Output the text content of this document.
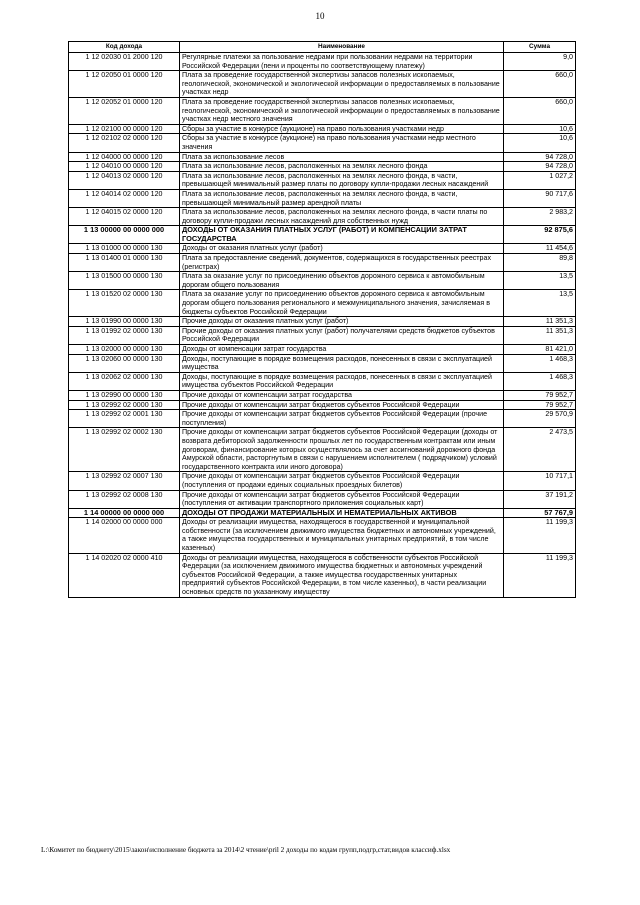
10
Код дохода	Наименование	Сумма
1 12 02030 01 2000 120	Регулярные платежи за пользование недрами при пользовании недрами на территории Российской Федерации (пени и проценты по соответствующему платежу)	9,0
1 12 02050 01 0000 120	Плата за проведение государственной экспертизы запасов полезных ископаемых, геологической, экономической и экологической информации о предоставляемых в пользование участках недр	660,0
1 12 02052 01 0000 120	Плата за проведение государственной экспертизы запасов полезных ископаемых, геологической, экономической и экологической информации о предоставляемых в пользование участках недр местного значения	660,0
1 12 02100 00 0000 120	Сборы за участие в конкурсе (аукционе) на право пользования участками недр	10,6
1 12 02102 02 0000 120	Сборы за участие в конкурсе (аукционе) на право пользования участками недр местного значения	10,6
1 12 04000 00 0000 120	Плата за использование лесов	94 728,0
1 12 04010 00 0000 120	Плата за использование лесов, расположенных на землях лесного фонда	94 728,0
1 12 04013 02 0000 120	Плата за использование лесов, расположенных на землях лесного фонда, в части, превышающей минимальный размер платы по договору купли-продажи лесных насаждений	1 027,2
1 12 04014 02 0000 120	Плата за использование лесов, расположенных на землях лесного фонда, в части, превышающей минимальный размер арендной платы	90 717,6
1 12 04015 02 0000 120	Плата за использование лесов, расположенных на землях лесного фонда, в части платы по договору купли-продажи лесных насаждений для собственных нужд	2 983,2
1 13 00000 00 0000 000	ДОХОДЫ ОТ ОКАЗАНИЯ ПЛАТНЫХ УСЛУГ (РАБОТ) И КОМПЕНСАЦИИ ЗАТРАТ ГОСУДАРСТВА	92 875,6
1 13 01000 00 0000 130	Доходы от оказания платных услуг (работ)	11 454,6
1 13 01400 01 0000 130	Плата за предоставление сведений, документов, содержащихся в государственных реестрах (регистрах)	89,8
1 13 01500 00 0000 130	Плата за оказание услуг по присоединению объектов дорожного сервиса к автомобильным дорогам общего пользования	13,5
1 13 01520 02 0000 130	Плата за оказание услуг по присоединению объектов дорожного сервиса к автомобильным дорогам общего пользования регионального и межмуниципального значения, зачисляемая в бюджеты субъектов Российской Федерации	13,5
1 13 01990 00 0000 130	Прочие доходы от оказания платных услуг (работ)	11 351,3
1 13 01992 02 0000 130	Прочие доходы от оказания платных услуг (работ) получателями средств бюджетов субъектов Российской Федерации	11 351,3
1 13 02000 00 0000 130	Доходы от компенсации затрат государства	81 421,0
1 13 02060 00 0000 130	Доходы, поступающие в порядке возмещения расходов, понесенных в связи с эксплуатацией имущества	1 468,3
1 13 02062 02 0000 130	Доходы, поступающие в порядке возмещения расходов, понесенных в связи с эксплуатацией имущества субъектов Российской Федерации	1 468,3
1 13 02990 00 0000 130	Прочие доходы от компенсации затрат государства	79 952,7
1 13 02992 02 0000 130	Прочие доходы от компенсации затрат бюджетов субъектов Российской Федерации	79 952,7
1 13 02992 02 0001 130	Прочие доходы от компенсации затрат бюджетов субъектов Российской Федерации (прочие поступления)	29 570,9
1 13 02992 02 0002 130	Прочие доходы от компенсации затрат бюджетов субъектов Российской Федерации (доходы от возврата дебиторской задолженности прошлых лет по государственным контрактам или иным договорам, финансирование которых осуществлялось за счет ассигнований дорожного фонда Амурской области, расторгнутым в связи с нарушением исполнителем ( подрядчиком) условий государственного контракта или иного договора)	2 473,5
1 13 02992 02 0007 130	Прочие доходы от компенсации затрат бюджетов субъектов Российской Федерации (поступления от продажи единых социальных проездных билетов)	10 717,1
1 13 02992 02 0008 130	Прочие доходы от компенсации затрат бюджетов субъектов Российской Федерации (поступления от активации транспортного приложения социальных карт)	37 191,2
1 14 00000 00 0000 000	ДОХОДЫ ОТ ПРОДАЖИ МАТЕРИАЛЬНЫХ И НЕМАТЕРИАЛЬНЫХ АКТИВОВ	57 767,9
1 14 02000 00 0000 000	Доходы от реализации имущества, находящегося в государственной и муниципальной собственности (за исключением движимого имущества бюджетных и автономных учреждений, а также имущества государственных и муниципальных унитарных предприятий, в том числе казенных)	11 199,3
1 14 02020 02 0000 410	Доходы от реализации имущества, находящегося в собственности субъектов Российской Федерации (за исключением движимого имущества бюджетных и автономных учреждений субъектов Российской Федерации, а также имущества государственных унитарных предприятий субъектов Российской Федерации, в том числе казенных), в части реализации основных средств по указанному имуществу	11 199,3
L:\Комитет по бюджету\2015\закон\исполнение бюджета за 2014\2 чтение\pril 2 доходы по кодам групп,подгр,стат,видов классиф.xlsx
